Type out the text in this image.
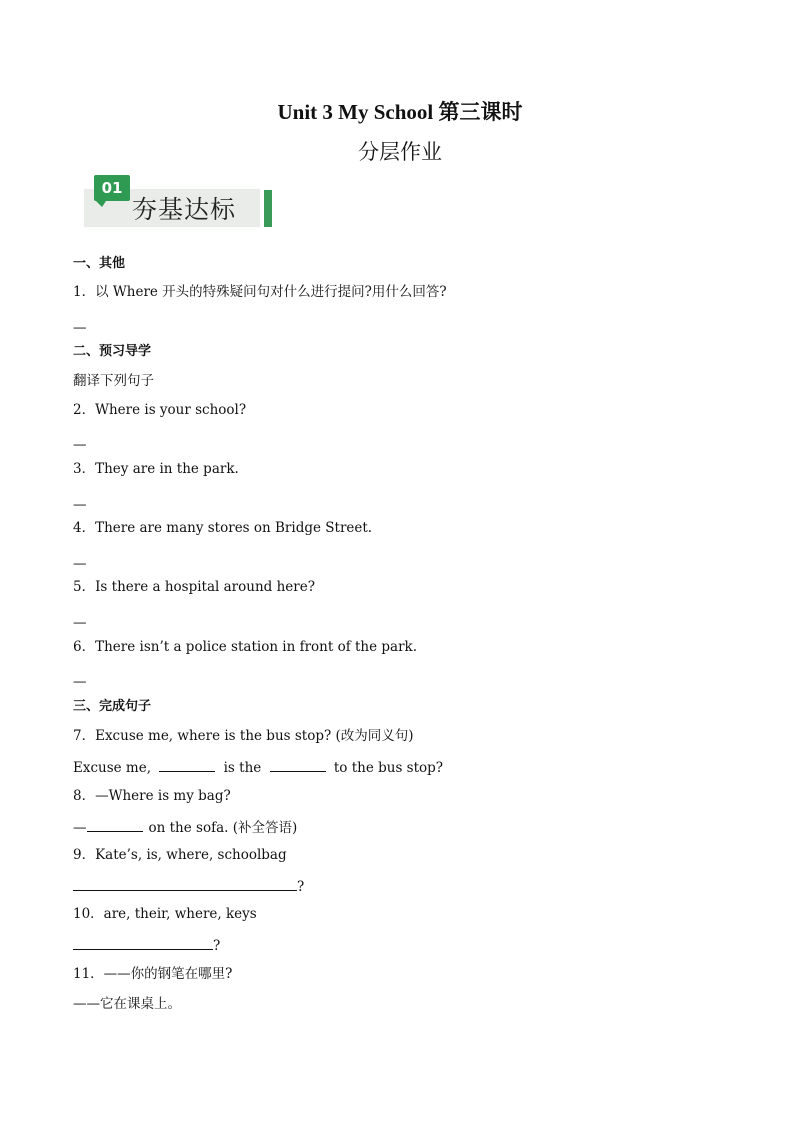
Unit 3 My School 第三课时
分层作业
01
夯基达标
一、其他
1．以 Where 开头的特殊疑问句对什么进行提问?用什么回答?
—
二、预习导学
翻译下列句子
2．Where is your school?
—
3．They are in the park.
—
4．There are many stores on Bridge Street.
—
5．Is there a hospital around here?
—
6．There isn’t a police station in front of the park.
—
三、完成句子
7．Excuse me, where is the bus stop? (改为同义句)
Excuse me,	is the	to the bus stop?
8．—Where is my bag?
—	on the sofa. (补全答语)
9．Kate’s, is, where, schoolbag
?
10．are, their, where, keys
?
11．——你的钢笔在哪里?
——它在课桌上。
